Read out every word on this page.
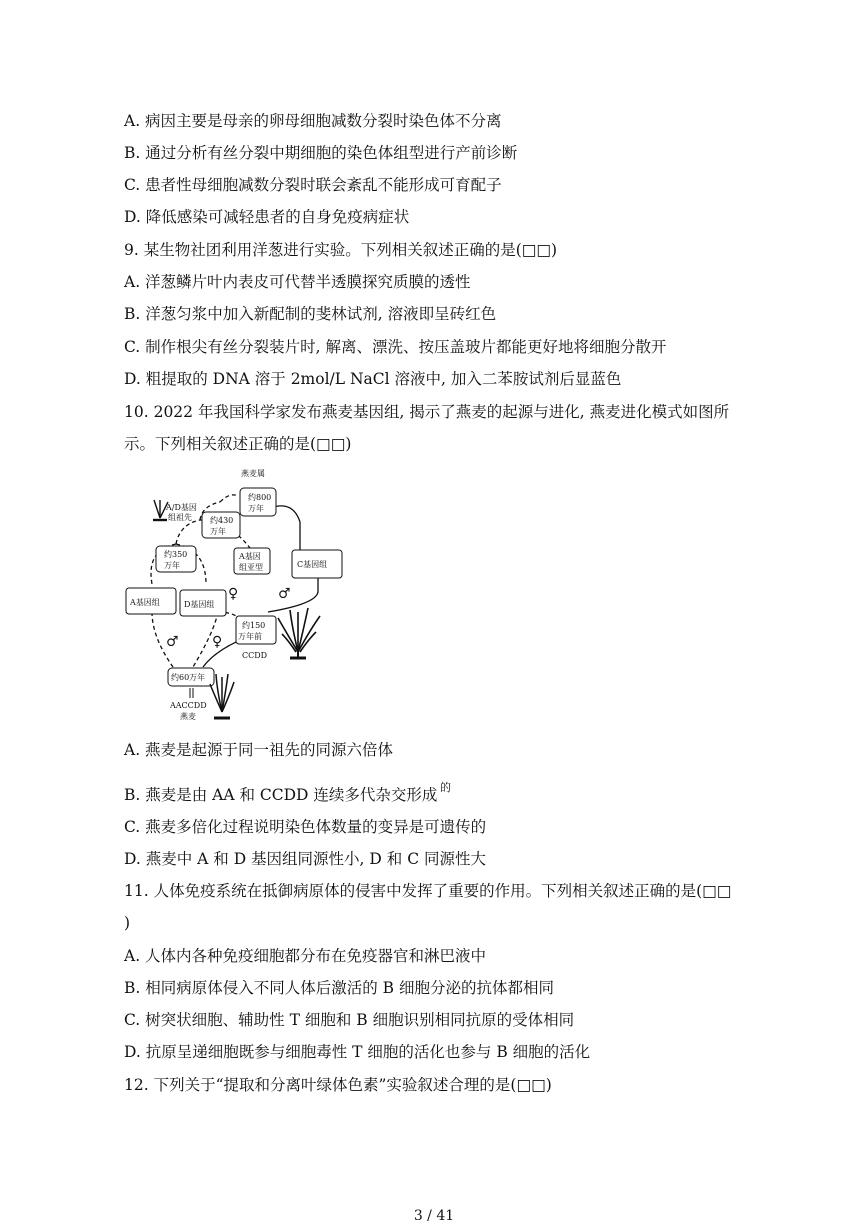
A. 病因主要是母亲的卵母细胞减数分裂时染色体不分离
B. 通过分析有丝分裂中期细胞的染色体组型进行产前诊断
C. 患者性母细胞减数分裂时联会紊乱不能形成可育配子
D. 降低感染可减轻患者的自身免疫病症状
9. 某生物社团利用洋葱进行实验。下列相关叙述正确的是(□□)
A. 洋葱鳞片叶内表皮可代替半透膜探究质膜的透性
B. 洋葱匀浆中加入新配制的斐林试剂, 溶液即呈砖红色
C. 制作根尖有丝分裂装片时, 解离、漂洗、按压盖玻片都能更好地将细胞分散开
D. 粗提取的 DNA 溶于 2mol/L NaCl 溶液中, 加入二苯胺试剂后显蓝色
10. 2022 年我国科学家发布燕麦基因组, 揭示了燕麦的起源与进化, 燕麦进化模式如图所
示。下列相关叙述正确的是(□□)
燕麦属
A/D基因
组祖先
约800
万年
约430
万年
约350
万年
A基因
组亚型	C基因组
A基因组	D基因组
♀	♂
♂ ♀
约150
万年前
CCDD
约60万年
AACCDD
燕麦
A. 燕麦是起源于同一祖先的同源六倍体
B. 燕麦是由 AA 和 CCDD 连续多代杂交形成 的
C. 燕麦多倍化过程说明染色体数量的变异是可遗传的
D. 燕麦中 A 和 D 基因组同源性小, D 和 C 同源性大
11. 人体免疫系统在抵御病原体的侵害中发挥了重要的作用。下列相关叙述正确的是(□□
)
A. 人体内各种免疫细胞都分布在免疫器官和淋巴液中
B. 相同病原体侵入不同人体后激活的 B 细胞分泌的抗体都相同
C. 树突状细胞、辅助性 T 细胞和 B 细胞识别相同抗原的受体相同
D. 抗原呈递细胞既参与细胞毒性 T 细胞的活化也参与 B 细胞的活化
12. 下列关于“提取和分离叶绿体色素”实验叙述合理的是(□□)
3 / 41
